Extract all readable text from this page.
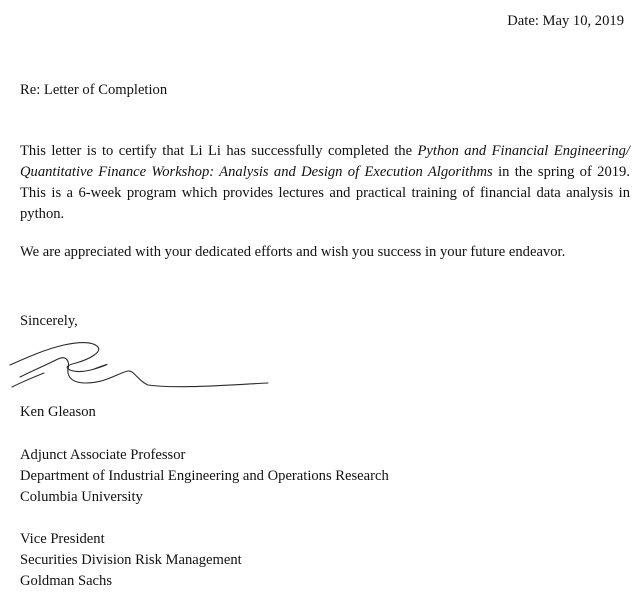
Date: May 10, 2019
Re: Letter of Completion

This letter is to certify that Li Li has successfully completed the Python and Financial Engineering/ Quantitative Finance Workshop: Analysis and Design of Execution Algorithms in the spring of 2019. This is a 6-week program which provides lectures and practical training of financial data analysis in python.

We are appreciated with your dedicated efforts and wish you success in your future endeavor.

Sincerely,
Ken Gleason
Adjunct Associate Professor
Department of Industrial Engineering and Operations Research
Columbia University
Vice President
Securities Division Risk Management
Goldman Sachs
